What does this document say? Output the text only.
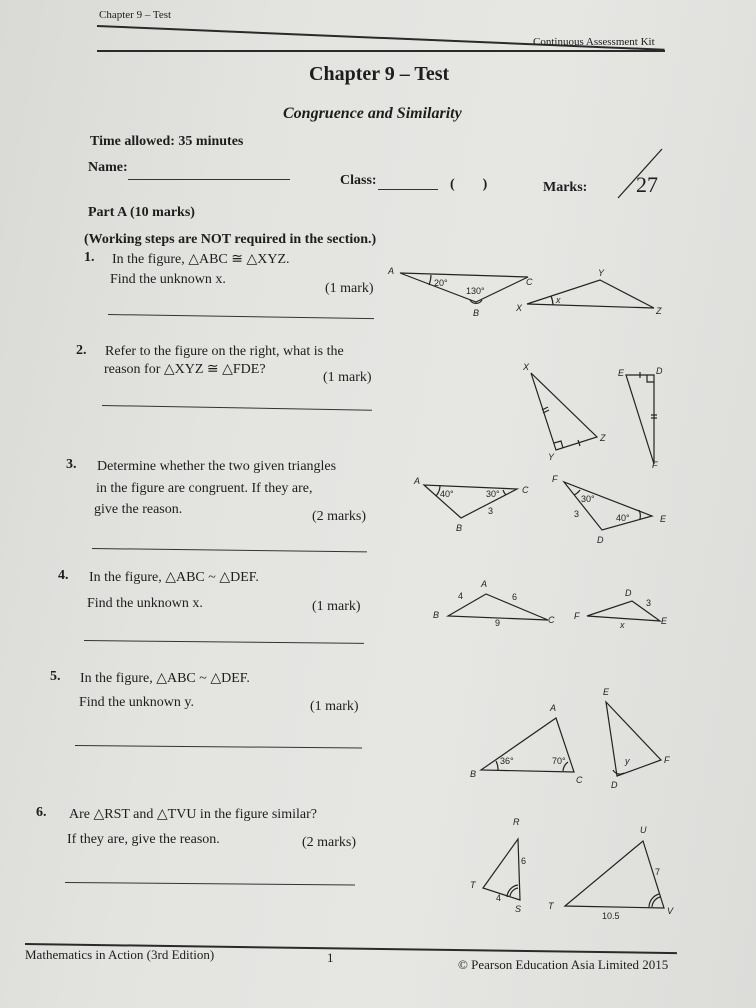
Chapter 9 – Test
Continuous Assessment Kit
Chapter 9 – Test
Congruence and Similarity
Time allowed: 35 minutes
Name:
Class:	(        )	Marks: 27
Part A (10 marks)
(Working steps are NOT required in the section.)
1. In the figure, △ABC ≅ △XYZ.
Find the unknown x.
(1 mark)
A
C
B
20°
130°
X
Y
Z
x
2. Refer to the figure on the right, what is the
reason for △XYZ ≅ △FDE?
(1 mark)
X
Y
Z
E	D
F
3. Determine whether the two given triangles
in the figure are congruent. If they are,
give the reason.	(2 marks)
A
C
B
40°	30°
3
F
E
D
30°
40°
3
4. In the figure, △ABC ~ △DEF.
Find the unknown x.	(1 mark)
A
B	C
4	6
9
D
E
F
3
x
5. In the figure, △ABC ~ △DEF.
Find the unknown y.	(1 mark)	A
B
C
36°	70°
E
D
F
y
6. Are △RST and △TVU in the figure similar?
If they are, give the reason.	(2 marks)
R
T
S
6
4
U
V
T
7
10.5
Mathematics in Action (3rd Edition)	1	© Pearson Education Asia Limited 2015
